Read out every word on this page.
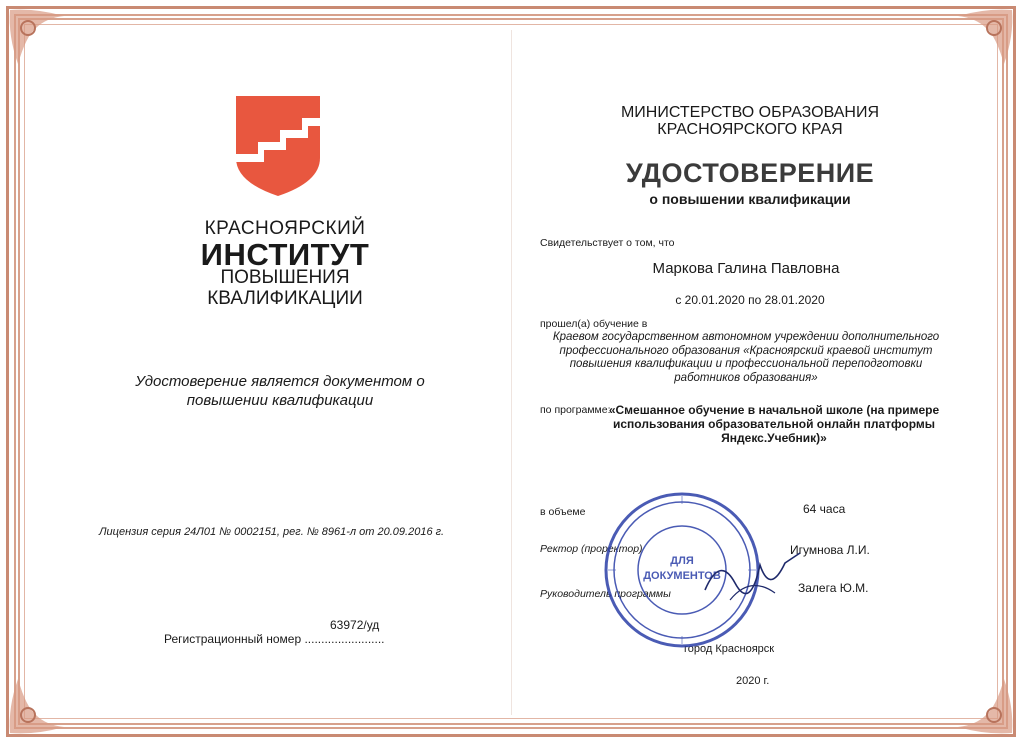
КРАСНОЯРСКИЙ
ИНСТИТУТ
ПОВЫШЕНИЯ
КВАЛИФИКАЦИИ
Удостоверение является документом о повышении квалификации
Лицензия серия 24Л01 № 0002151, рег. № 8961-л от 20.09.2016 г.
63972/уд
Регистрационный номер ........................
МИНИСТЕРСТВО ОБРАЗОВАНИЯ
КРАСНОЯРСКОГО КРАЯ
УДОСТОВЕРЕНИЕ
о повышении квалификации
Свидетельствует о том, что
Маркова Галина Павловна
с 20.01.2020 по 28.01.2020
прошел(а) обучение в
Краевом государственном автономном учреждении дополнительного профессионального образования «Красноярский краевой институт повышения квалификации и профессиональной переподготовки работников образования»
по программе:
«Смешанное обучение в начальной школе (на примере использования образовательной онлайн платформы Яндекс.Учебник)»
в объеме	64 часа
Ректор (проректор)	Игумнова Л.И.
Руководитель программы	Залега Ю.М.
город Красноярск
2020 г.
ДЛЯ
ДОКУМЕНТОВ
